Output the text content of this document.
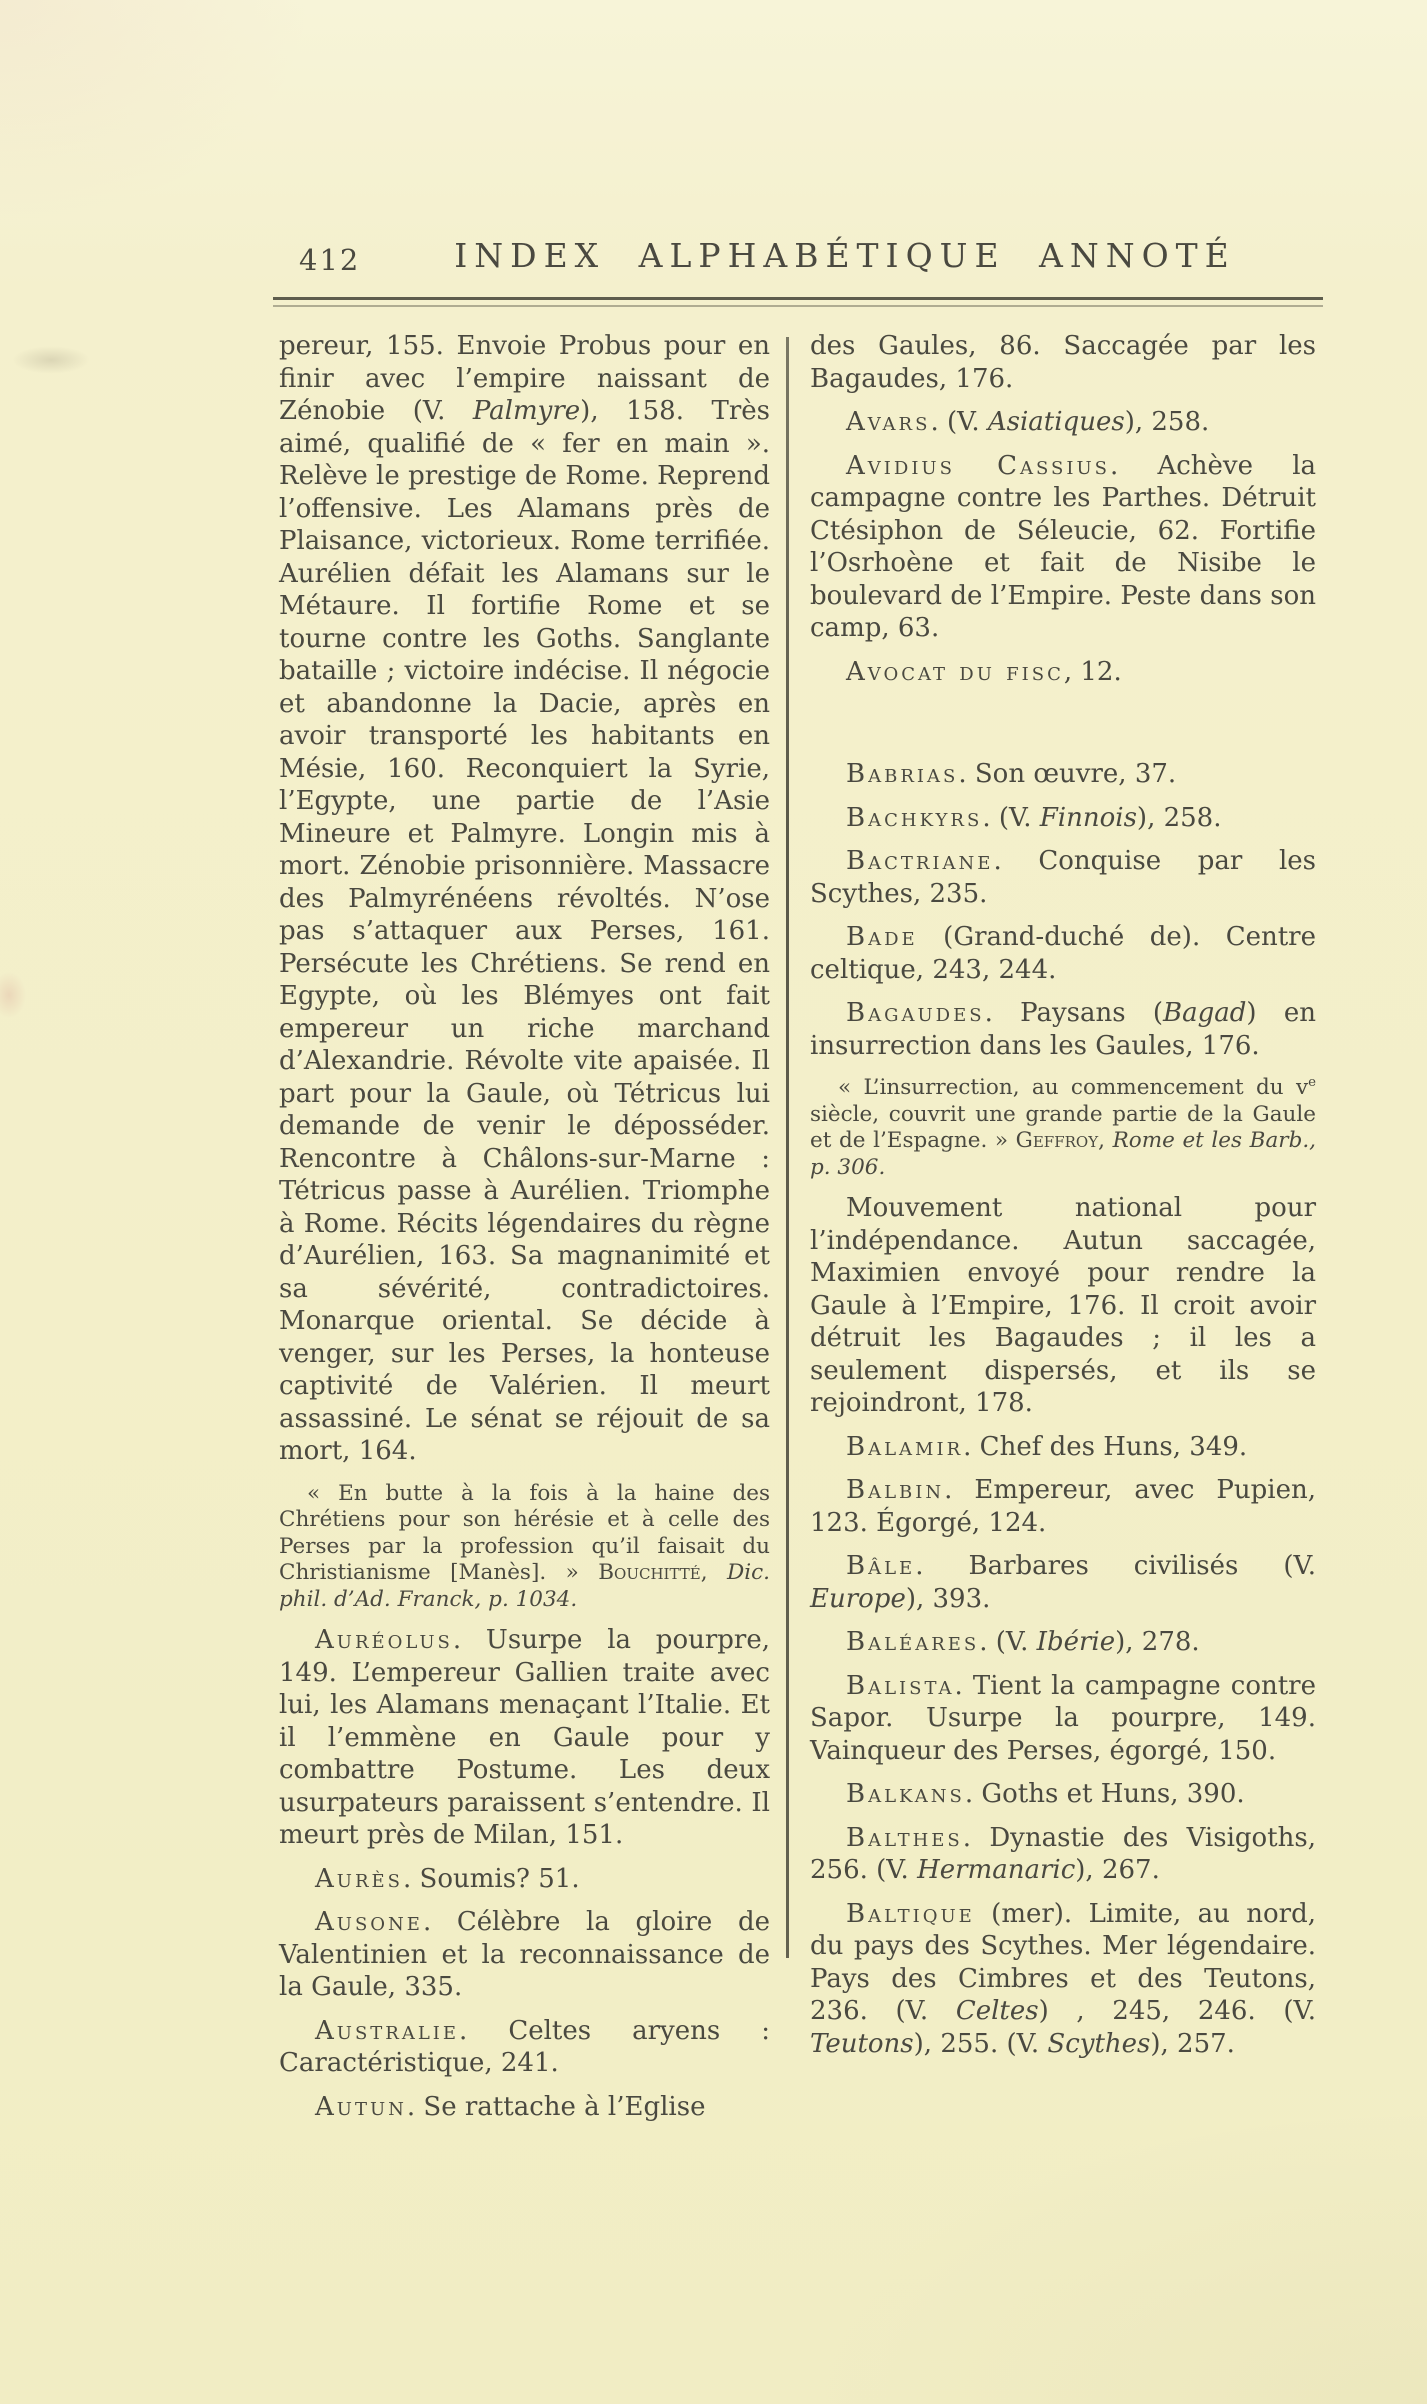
412	INDEX ALPHABÉTIQUE ANNOTÉ

pereur, 155. Envoie Probus pour en finir avec l’empire naissant de Zénobie (V. Palmyre), 158. Très aimé, qualifié de « fer en main ». Relève le prestige de Rome. Reprend l’offensive. Les Alamans près de Plaisance, victorieux. Rome terrifiée. Aurélien défait les Alamans sur le Métaure. Il fortifie Rome et se tourne contre les Goths. Sanglante bataille ; victoire indécise. Il négocie et abandonne la Dacie, après en avoir transporté les habitants en Mésie, 160. Reconquiert la Syrie, l’Egypte, une partie de l’Asie Mineure et Palmyre. Longin mis à mort. Zénobie prisonnière. Massacre des Palmyrénéens révoltés. N’ose pas s’attaquer aux Perses, 161. Persécute les Chrétiens. Se rend en Egypte, où les Blémyes ont fait empereur un riche marchand d’Alexandrie. Révolte vite apaisée. Il part pour la Gaule, où Tétricus lui demande de venir le déposséder. Rencontre à Châlons-sur-Marne : Tétricus passe à Aurélien. Triomphe à Rome. Récits légendaires du règne d’Aurélien, 163. Sa magnanimité et sa sévérité, contradictoires. Monarque oriental. Se décide à venger, sur les Perses, la honteuse captivité de Valérien. Il meurt assassiné. Le sénat se réjouit de sa mort, 164.

« En butte à la fois à la haine des Chrétiens pour son hérésie et à celle des Perses par la profession qu’il faisait du Christianisme [Manès]. » Bouchitté, Dic. phil. d’Ad. Franck, p. 1034.

Auréolus. Usurpe la pourpre, 149. L’empereur Gallien traite avec lui, les Alamans menaçant l’Italie. Et il l’emmène en Gaule pour y combattre Postume. Les deux usurpateurs paraissent s’entendre. Il meurt près de Milan, 151.

Aurès. Soumis? 51.

Ausone. Célèbre la gloire de Valentinien et la reconnaissance de la Gaule, 335.

Australie. Celtes aryens : Caractéristique, 241.

Autun. Se rattache à l’Eglise

des Gaules, 86. Saccagée par les Bagaudes, 176.

Avars. (V. Asiatiques), 258.

Avidius Cassius. Achève la campagne contre les Parthes. Détruit Ctésiphon de Séleucie, 62. Fortifie l’Osrhoène et fait de Nisibe le boulevard de l’Empire. Peste dans son camp, 63.

Avocat du fisc, 12.

Babrias. Son œuvre, 37.

Bachkyrs. (V. Finnois), 258.

Bactriane. Conquise par les Scythes, 235.

Bade (Grand-duché de). Centre celtique, 243, 244.

Bagaudes. Paysans (Bagad) en insurrection dans les Gaules, 176.

« L’insurrection, au commencement du $v^e$ siècle, couvrit une grande partie de la Gaule et de l’Espagne. » Geffroy, Rome et les Barb., p. 306.

Mouvement national pour l’indépendance. Autun saccagée, Maximien envoyé pour rendre la Gaule à l’Empire, 176. Il croit avoir détruit les Bagaudes ; il les a seulement dispersés, et ils se rejoindront, 178.

Balamir. Chef des Huns, 349.

Balbin. Empereur, avec Pupien, 123. Égorgé, 124.

Bâle. Barbares civilisés (V. Europe), 393.

Baléares. (V. Ibérie), 278.

Balista. Tient la campagne contre Sapor. Usurpe la pourpre, 149. Vainqueur des Perses, égorgé, 150.

Balkans. Goths et Huns, 390.

Balthes. Dynastie des Visigoths, 256. (V. Hermanaric), 267.

Baltique (mer). Limite, au nord, du pays des Scythes. Mer légendaire. Pays des Cimbres et des Teutons, 236. (V. Celtes) , 245, 246. (V. Teutons), 255. (V. Scythes), 257.
